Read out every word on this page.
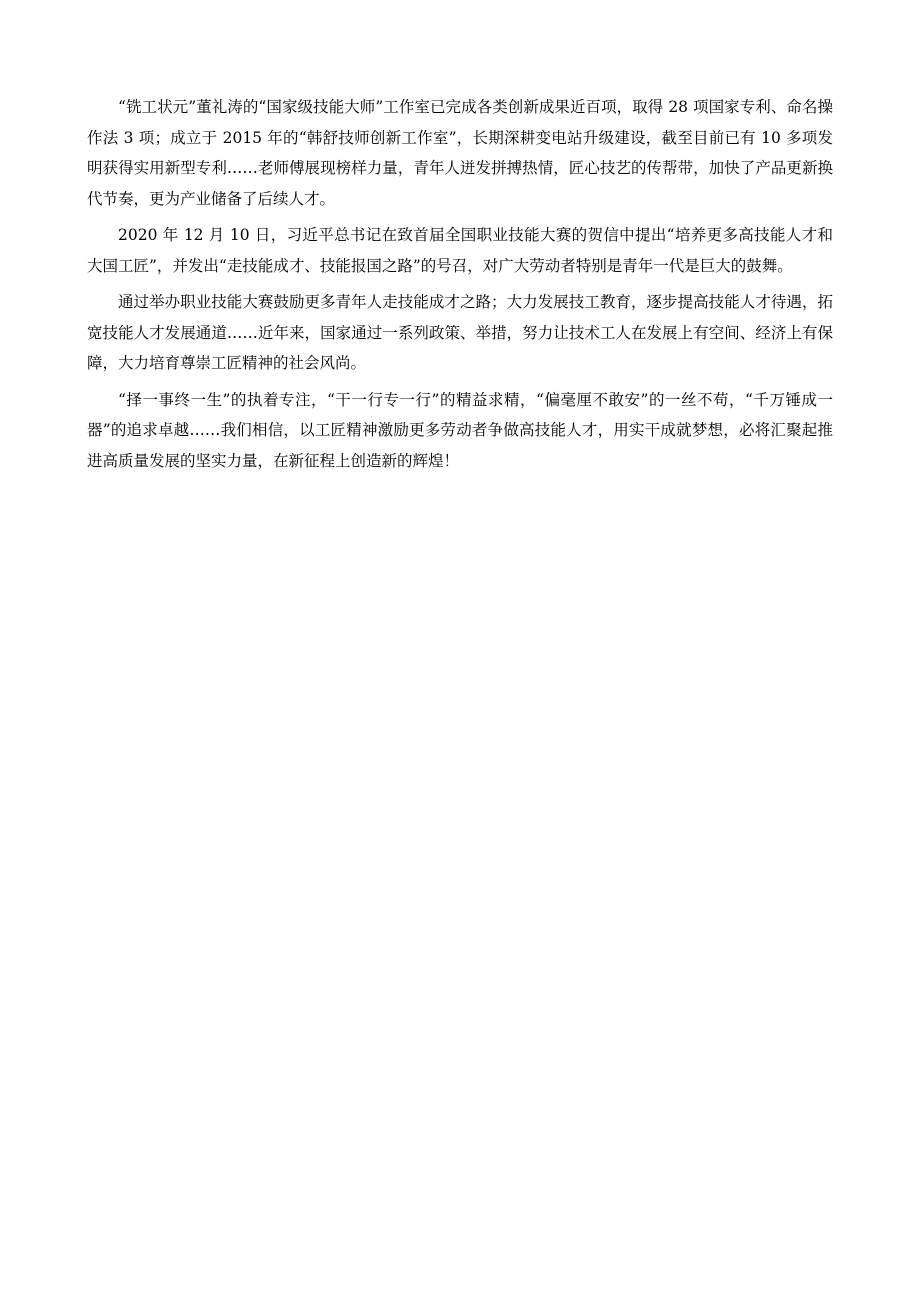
“铣工状元”董礼涛的“国家级技能大师”工作室已完成各类创新成果近百项，取得 28 项国家专利、命名操作法 3 项；成立于 2015 年的“韩舒技师创新工作室”，长期深耕变电站升级建设，截至目前已有 10 多项发明获得实用新型专利……老师傅展现榜样力量，青年人迸发拼搏热情，匠心技艺的传帮带，加快了产品更新换代节奏，更为产业储备了后续人才。

2020 年 12 月 10 日，习近平总书记在致首届全国职业技能大赛的贺信中提出“培养更多高技能人才和大国工匠”，并发出“走技能成才、技能报国之路”的号召，对广大劳动者特别是青年一代是巨大的鼓舞。

通过举办职业技能大赛鼓励更多青年人走技能成才之路；大力发展技工教育，逐步提高技能人才待遇，拓宽技能人才发展通道……近年来，国家通过一系列政策、举措，努力让技术工人在发展上有空间、经济上有保障，大力培育尊崇工匠精神的社会风尚。

“择一事终一生”的执着专注，“干一行专一行”的精益求精，“偏毫厘不敢安”的一丝不苟，“千万锤成一器”的追求卓越……我们相信，以工匠精神激励更多劳动者争做高技能人才，用实干成就梦想，必将汇聚起推进高质量发展的坚实力量，在新征程上创造新的辉煌！
